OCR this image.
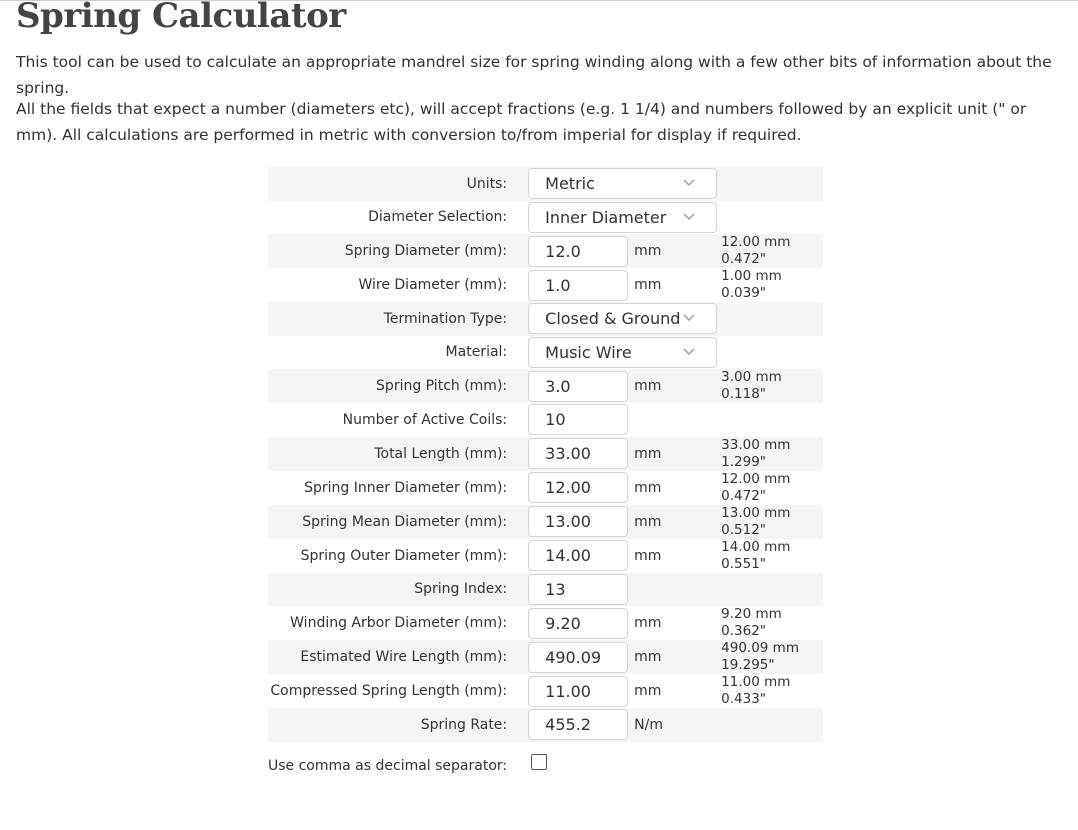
Spring Calculator

This tool can be used to calculate an appropriate mandrel size for spring winding along with a few other bits of information about the spring.

All the fields that expect a number (diameters etc), will accept fractions (e.g. 1 1/4) and numbers followed by an explicit unit (" or mm). All calculations are performed in metric with conversion to/from imperial for display if required.

Units:	Metric		

Diameter Selection:	Inner Diameter		

Spring Diameter (mm):	
12.0	mm	12.00 mm
0.472"

Wire Diameter (mm):	
1.0	mm	1.00 mm
0.039"

Termination Type:	Closed & Ground		

Material:	Music Wire		

Spring Pitch (mm):	
3.0	mm	3.00 mm
0.118"

Number of Active Coils:	
10		
Total Length (mm):	
33.00	mm	33.00 mm
1.299"

Spring Inner Diameter (mm):	
12.00	mm	12.00 mm
0.472"

Spring Mean Diameter (mm):	
13.00	mm	13.00 mm
0.512"

Spring Outer Diameter (mm):	
14.00	mm	14.00 mm
0.551"

Spring Index:	
13		
Winding Arbor Diameter (mm):	
9.20	mm	9.20 mm
0.362"

Estimated Wire Length (mm):	
490.09	mm	490.09 mm
19.295"

Compressed Spring Length (mm):	
11.00	mm	11.00 mm
0.433"

Spring Rate:	
455.2	N/m	
Use comma as decimal separator:			
